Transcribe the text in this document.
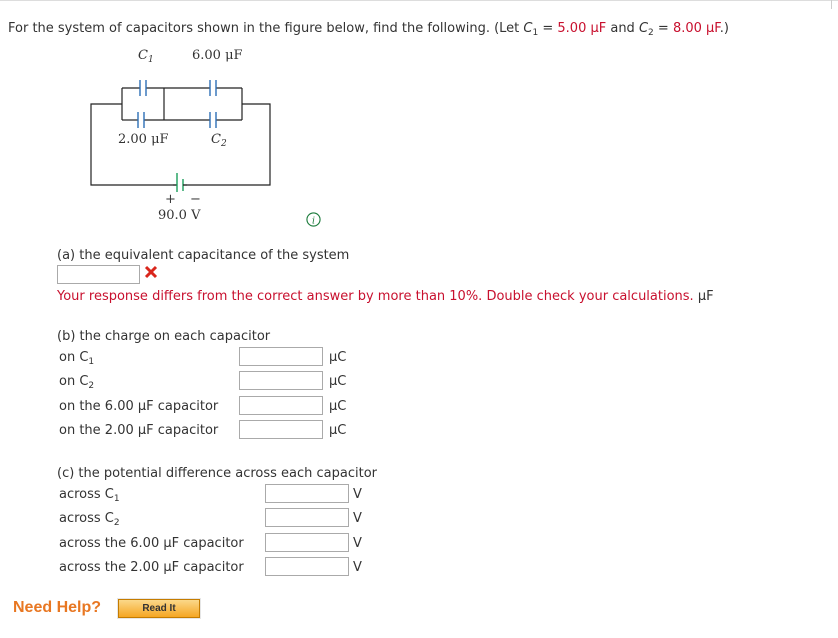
For the system of capacitors shown in the figure below, find the following. (Let $C_1 = 5.00$ μF and $C_2 = 8.00$ μF.)
$C_1$	6.00 μF
2.00 μF	$C_2$
+ −
90.0 V	i
(a) the equivalent capacitance of the system
Your response differs from the correct answer by more than 10%. Double check your calculations. μF
(b) the charge on each capacitor
on $C_1$	μC
on $C_2$	μC
on the 6.00 μF capacitor	μC
on the 2.00 μF capacitor	μC
(c) the potential difference across each capacitor
across $C_1$	V
across $C_2$	V
across the 6.00 μF capacitor	V
across the 2.00 μF capacitor	V
Need Help?	Read It
